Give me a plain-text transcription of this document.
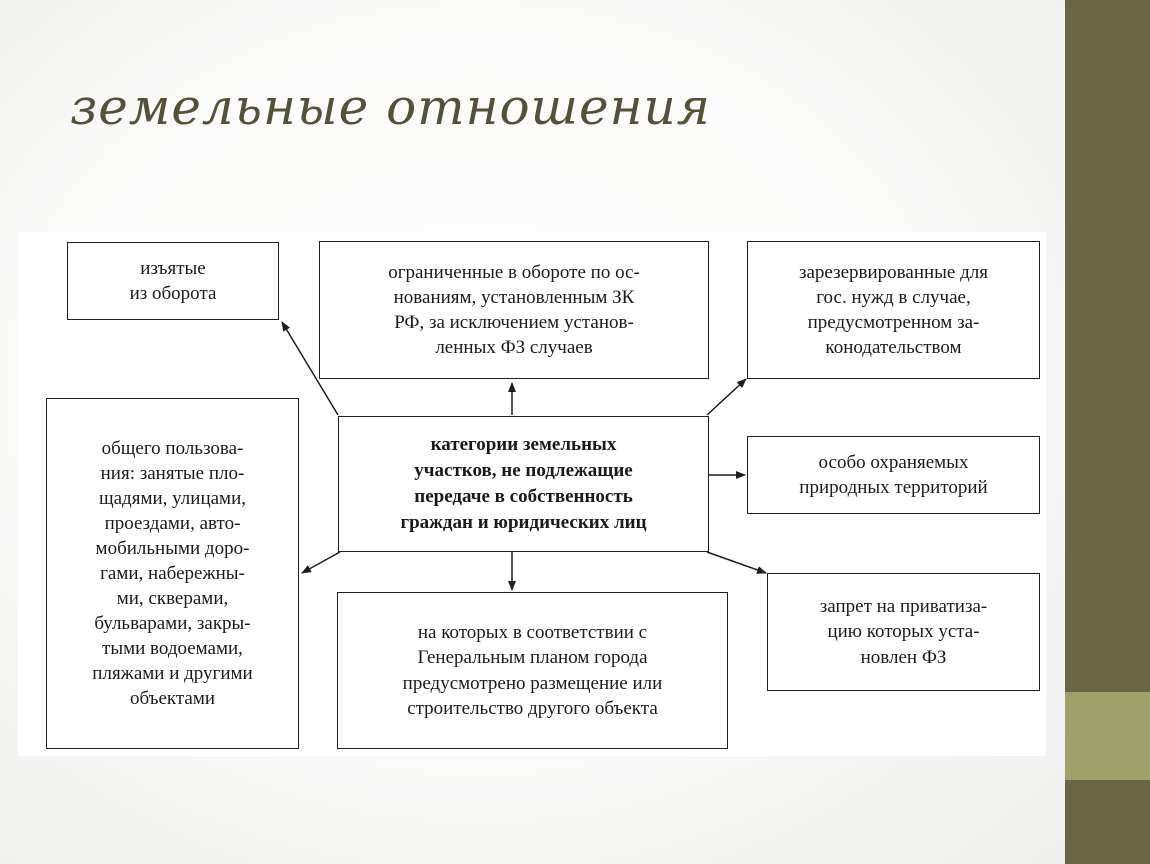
земельные отношения
изъятые
из оборота
ограниченные в обороте по ос-
нованиям, установленным ЗК
РФ, за исключением установ-
ленных ФЗ случаев
зарезервированные для
гос. нужд в случае,
предусмотренном за-
конодательством
общего пользова-
ния: занятые пло-
щадями, улицами,
проездами, авто-
мобильными доро-
гами, набережны-
ми, скверами,
бульварами, закры-
тыми водоемами,
пляжами и другими
объектами
категории земельных
участков, не подлежащие
передаче в собственность
граждан и юридических лиц
особо охраняемых
природных территорий
на которых в соответствии с
Генеральным планом города
предусмотрено размещение или
строительство другого объекта
запрет на приватиза-
цию которых уста-
новлен ФЗ
